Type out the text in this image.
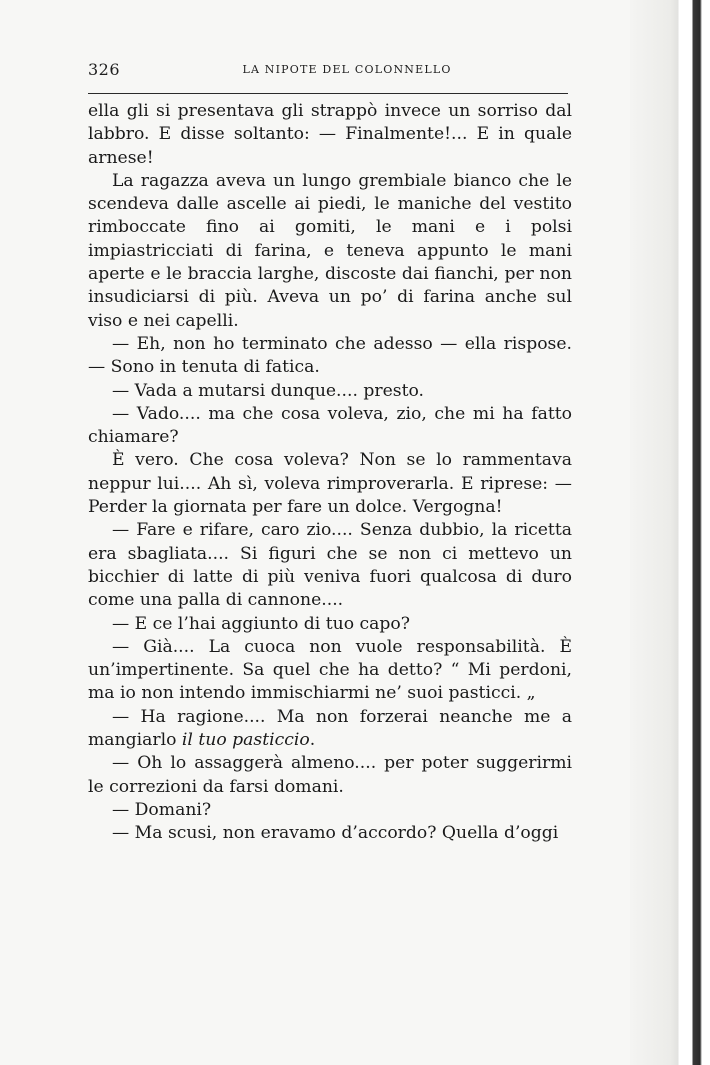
326	LA NIPOTE DEL COLONNELLO

ella gli si presentava gli strappò invece un sorriso dal labbro. E disse soltanto: — Finalmente!... E in quale arnese!

La ragazza aveva un lungo grembiale bianco che le scendeva dalle ascelle ai piedi, le maniche del vestito rimboccate fino ai gomiti, le mani e i polsi impiastricciati di farina, e teneva appunto le mani aperte e le braccia larghe, discoste dai fianchi, per non insudiciarsi di più. Aveva un po’ di farina anche sul viso e nei capelli.

— Eh, non ho terminato che adesso — ella rispose. — Sono in tenuta di fatica.

— Vada a mutarsi dunque.... presto.

— Vado.... ma che cosa voleva, zio, che mi ha fatto chiamare?

È vero. Che cosa voleva? Non se lo rammentava neppur lui.... Ah sì, voleva rimproverarla. E riprese: — Perder la giornata per fare un dolce. Vergogna!

— Fare e rifare, caro zio.... Senza dubbio, la ricetta era sbagliata.... Si figuri che se non ci mettevo un bicchier di latte di più veniva fuori qualcosa di duro come una palla di cannone....

— E ce l’hai aggiunto di tuo capo?

— Già.... La cuoca non vuole responsabilità. È un’impertinente. Sa quel che ha detto? “ Mi perdoni, ma io non intendo immischiarmi ne’ suoi pasticci. „

— Ha ragione.... Ma non forzerai neanche me a mangiarlo il tuo pasticcio.

— Oh lo assaggerà almeno.... per poter suggerirmi le correzioni da farsi domani.

— Domani?

— Ma scusi, non eravamo d’accordo? Quella d’oggi
